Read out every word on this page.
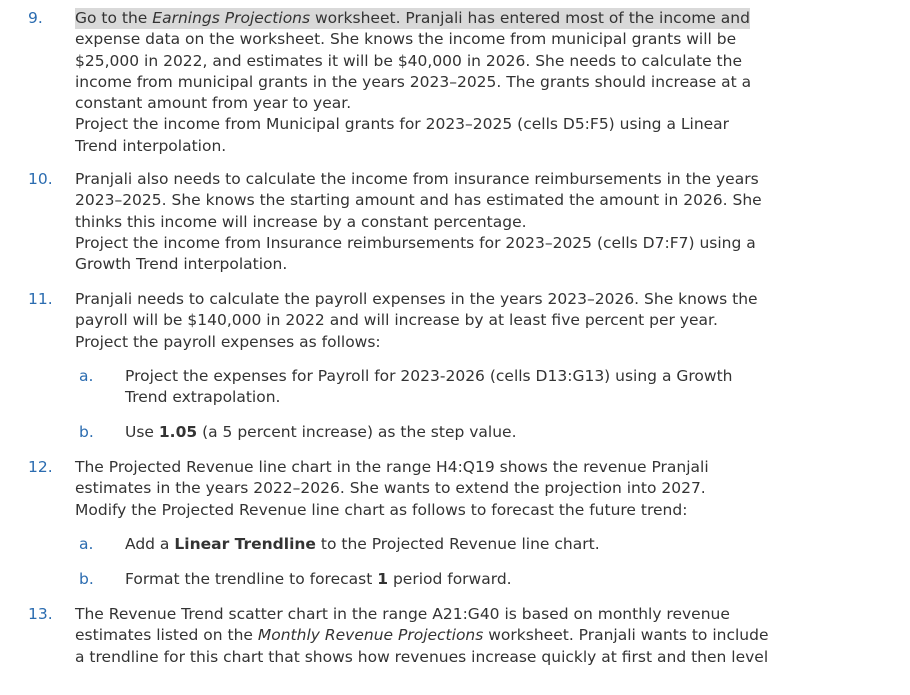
9. Go to the Earnings Projections worksheet. Pranjali has entered most of the income and
expense data on the worksheet. She knows the income from municipal grants will be
$25,000 in 2022, and estimates it will be $40,000 in 2026. She needs to calculate the
income from municipal grants in the years 2023–2025. The grants should increase at a
constant amount from year to year.
Project the income from Municipal grants for 2023–2025 (cells D5:F5) using a Linear
Trend interpolation.
10. Pranjali also needs to calculate the income from insurance reimbursements in the years
2023–2025. She knows the starting amount and has estimated the amount in 2026. She
thinks this income will increase by a constant percentage.
Project the income from Insurance reimbursements for 2023–2025 (cells D7:F7) using a
Growth Trend interpolation.
11. Pranjali needs to calculate the payroll expenses in the years 2023–2026. She knows the
payroll will be $140,000 in 2022 and will increase by at least five percent per year.
Project the payroll expenses as follows:
a. Project the expenses for Payroll for 2023-2026 (cells D13:G13) using a Growth
Trend extrapolation.
b. Use 1.05 (a 5 percent increase) as the step value.
12. The Projected Revenue line chart in the range H4:Q19 shows the revenue Pranjali
estimates in the years 2022–2026. She wants to extend the projection into 2027.
Modify the Projected Revenue line chart as follows to forecast the future trend:
a. Add a Linear Trendline to the Projected Revenue line chart.
b. Format the trendline to forecast 1 period forward.
13. The Revenue Trend scatter chart in the range A21:G40 is based on monthly revenue
estimates listed on the Monthly Revenue Projections worksheet. Pranjali wants to include
a trendline for this chart that shows how revenues increase quickly at first and then level
